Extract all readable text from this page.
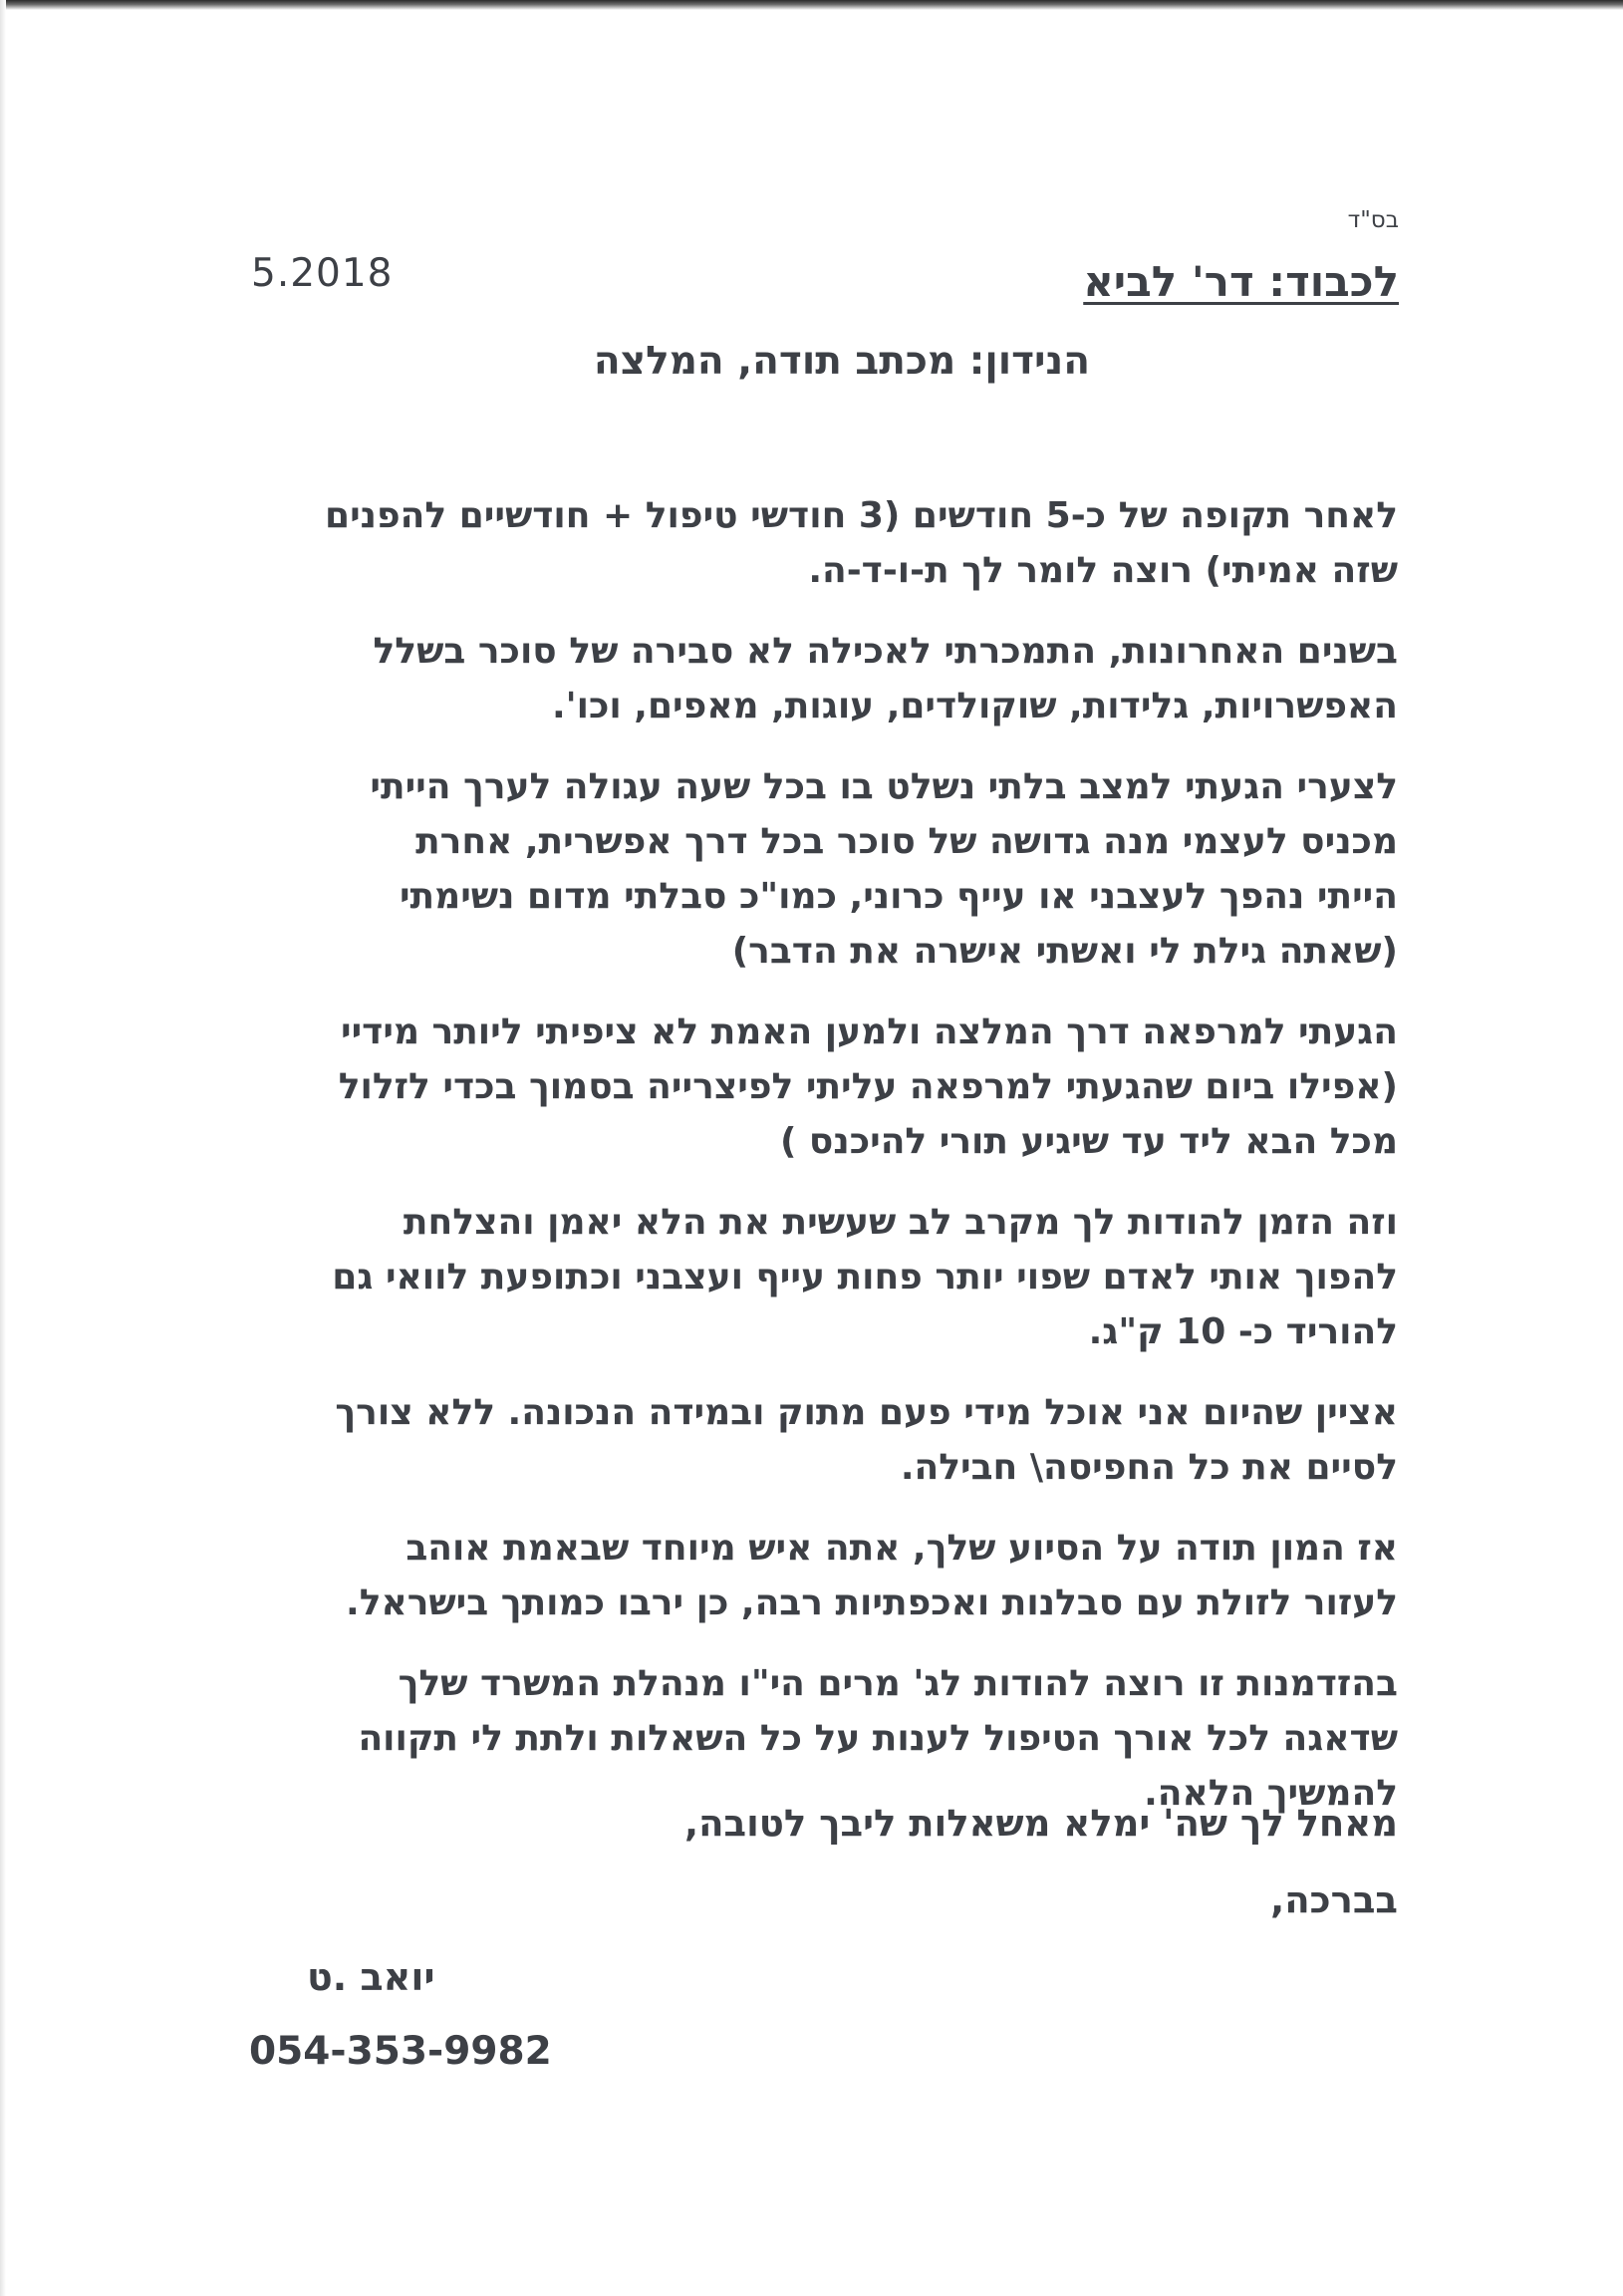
בס"ד
5.2018	לכבוד: דר' לביא
הנידון: מכתב תודה, המלצה

לאחר תקופה של כ-5 חודשים (3 חודשי טיפול + חודשיים להפנים
שזה אמיתי) רוצה לומר לך ת-ו-ד-ה.

בשנים האחרונות, התמכרתי לאכילה לא סבירה של סוכר בשלל
האפשרויות, גלידות, שוקולדים, עוגות, מאפים, וכו'.

לצערי הגעתי למצב בלתי נשלט בו בכל שעה עגולה לערך הייתי
מכניס לעצמי מנה גדושה של סוכר בכל דרך אפשרית, אחרת
הייתי נהפך לעצבני או עייף כרוני, כמו"כ סבלתי מדום נשימתי
(שאתה גילת לי ואשתי אישרה את הדבר)

הגעתי למרפאה דרך המלצה ולמען האמת לא ציפיתי ליותר מידיי
(אפילו ביום שהגעתי למרפאה עליתי לפיצרייה בסמוך בכדי לזלול
מכל הבא ליד עד שיגיע תורי להיכנס )

וזה הזמן להודות לך מקרב לב שעשית את הלא יאמן והצלחת
להפוך אותי לאדם שפוי יותר פחות עייף ועצבני וכתופעת לוואי גם
להוריד כ- 10 ק"ג.

אציין שהיום אני אוכל מידי פעם מתוק ובמידה הנכונה. ללא צורך
לסיים את כל החפיסה\ חבילה.

אז המון תודה על הסיוע שלך, אתה איש מיוחד שבאמת אוהב
לעזור לזולת עם סבלנות ואכפתיות רבה, כן ירבו כמותך בישראל.

בהזדמנות זו רוצה להודות לג' מרים הי"ו מנהלת המשרד שלך
שדאגה לכל אורך הטיפול לענות על כל השאלות ולתת לי תקווה
להמשיך הלאה.

מאחל לך שה' ימלא משאלות ליבך לטובה,
בברכה,
יואב .ט
054-353-9982
